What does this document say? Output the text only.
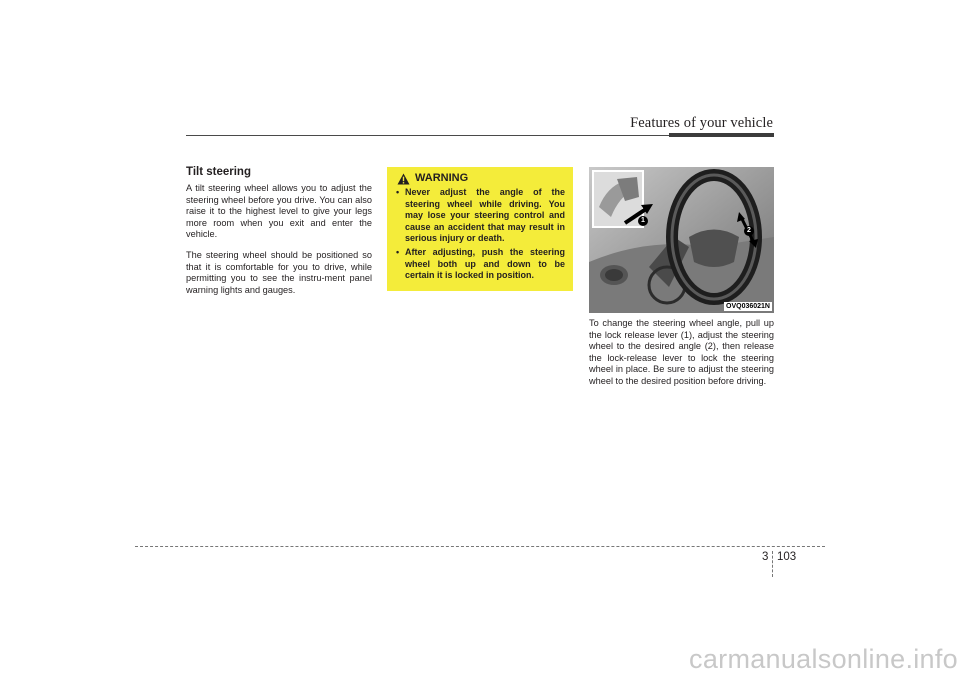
Features of your vehicle
Tilt steering

A tilt steering wheel allows you to adjust the steering wheel before you drive. You can also raise it to the highest level to give your legs more room when you exit and enter the vehicle.

The steering wheel should be positioned so that it is comfortable for you to drive, while permitting you to see the instru-ment panel warning lights and gauges.

WARNING
• Never adjust the angle of the steering wheel while driving. You may lose your steering control and cause an accident that may result in serious injury or death.
• After adjusting, push the steering wheel both up and down to be certain it is locked in position.
1
2
OVQ036021N

To change the steering wheel angle, pull up the lock release lever (1), adjust the steering wheel to the desired angle (2), then release the lock-release lever to lock the steering wheel in place. Be sure to adjust the steering wheel to the desired position before driving.

3 103
carmanualsonline.info
